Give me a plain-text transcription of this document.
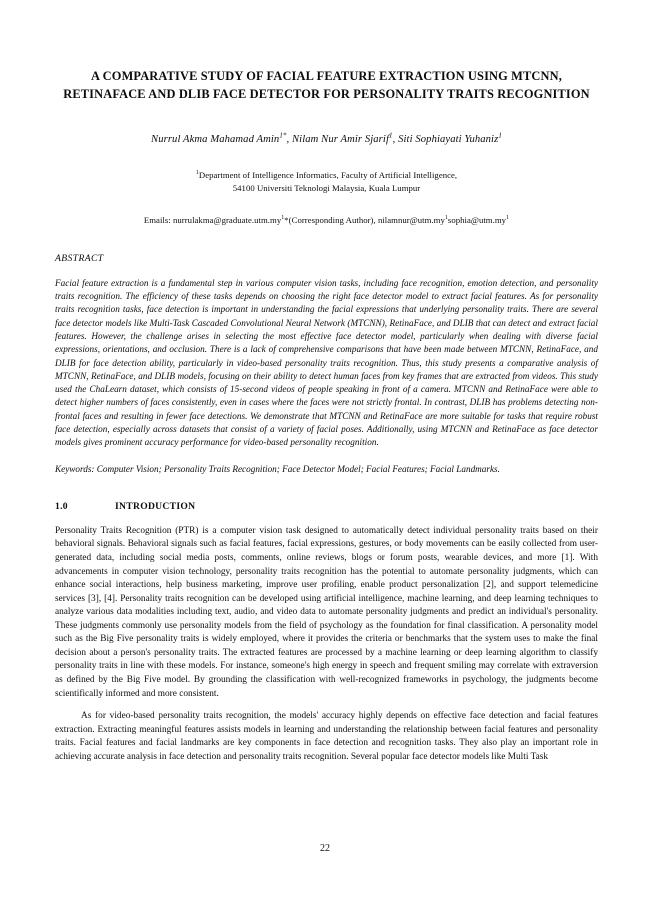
A COMPARATIVE STUDY OF FACIAL FEATURE EXTRACTION USING MTCNN, RETINAFACE AND DLIB FACE DETECTOR FOR PERSONALITY TRAITS RECOGNITION
Nurrul Akma Mahamad Amin$^{1*}$, Nilam Nur Amir Sjarif$^1$, Siti Sophiayati Yuhaniz$^1$
$^1$Department of Intelligence Informatics, Faculty of Artificial Intelligence,
54100 Universiti Teknologi Malaysia, Kuala Lumpur
Emails: $nurrulakma@graduate.utm.my^1*(Corresponding$ Author), $nilamnur@utm.my^1sophia@utm.my^1$
ABSTRACT
Facial feature extraction is a fundamental step in various computer vision tasks, including face recognition, emotion detection, and personality traits recognition. The efficiency of these tasks depends on choosing the right face detector model to extract facial features. As for personality traits recognition tasks, face detection is important in understanding the facial expressions that underlying personality traits. There are several face detector models like Multi-Task Cascaded Convolutional Neural Network (MTCNN), RetinaFace, and DLIB that can detect and extract facial features. However, the challenge arises in selecting the most effective face detector model, particularly when dealing with diverse facial expressions, orientations, and occlusion. There is a lack of comprehensive comparisons that have been made between MTCNN, RetinaFace, and DLIB for face detection ability, particularly in video-based personality traits recognition. Thus, this study presents a comparative analysis of MTCNN, RetinaFace, and DLIB models, focusing on their ability to detect human faces from key frames that are extracted from videos. This study used the ChaLearn dataset, which consists of 15-second videos of people speaking in front of a camera. MTCNN and RetinaFace were able to detect higher numbers of faces consistently, even in cases where the faces were not strictly frontal. In contrast, DLIB has problems detecting non-frontal faces and resulting in fewer face detections. We demonstrate that MTCNN and RetinaFace are more suitable for tasks that require robust face detection, especially across datasets that consist of a variety of facial poses. Additionally, using MTCNN and RetinaFace as face detector models gives prominent accuracy performance for video-based personality recognition.
Keywords: Computer Vision; Personality Traits Recognition; Face Detector Model; Facial Features; Facial Landmarks.
1.0	INTRODUCTION

Personality Traits Recognition (PTR) is a computer vision task designed to automatically detect individual personality traits based on their behavioral signals. Behavioral signals such as facial features, facial expressions, gestures, or body movements can be easily collected from user-generated data, including social media posts, comments, online reviews, blogs or forum posts, wearable devices, and more [1]. With advancements in computer vision technology, personality traits recognition has the potential to automate personality judgments, which can enhance social interactions, help business marketing, improve user profiling, enable product personalization [2], and support telemedicine services [3], [4]. Personality traits recognition can be developed using artificial intelligence, machine learning, and deep learning techniques to analyze various data modalities including text, audio, and video data to automate personality judgments and predict an individual's personality. These judgments commonly use personality models from the field of psychology as the foundation for final classification. A personality model such as the Big Five personality traits is widely employed, where it provides the criteria or benchmarks that the system uses to make the final decision about a person's personality traits. The extracted features are processed by a machine learning or deep learning algorithm to classify personality traits in line with these models. For instance, someone's high energy in speech and frequent smiling may correlate with extraversion as defined by the Big Five model. By grounding the classification with well-recognized frameworks in psychology, the judgments become scientifically informed and more consistent.

As for video-based personality traits recognition, the models' accuracy highly depends on effective face detection and facial features extraction. Extracting meaningful features assists models in learning and understanding the relationship between facial features and personality traits. Facial features and facial landmarks are key components in face detection and recognition tasks. They also play an important role in achieving accurate analysis in face detection and personality traits recognition. Several popular face detector models like Multi Task

22
